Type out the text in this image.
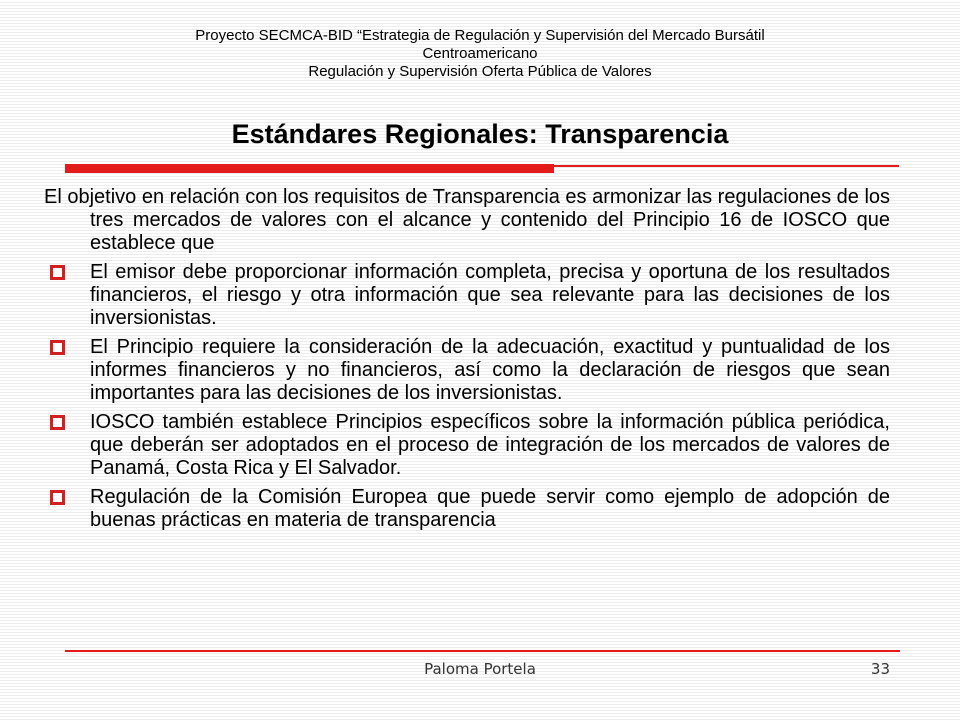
Proyecto SECMCA-BID “Estrategia de Regulación y Supervisión del Mercado Bursátil
Centroamericano
Regulación y Supervisión Oferta Pública de Valores
Estándares Regionales: Transparencia

El objetivo en relación con los requisitos de Transparencia es armonizar las regulaciones de los tres mercados de valores con el alcance y contenido del Principio 16 de IOSCO que establece que

El emisor debe proporcionar información completa, precisa y oportuna de los resultados financieros, el riesgo y otra información que sea relevante para las decisiones de los inversionistas.
El Principio requiere la consideración de la adecuación, exactitud y puntualidad de los informes financieros y no financieros, así como la declaración de riesgos que sean importantes para las decisiones de los inversionistas.
IOSCO también establece Principios específicos sobre la información pública periódica, que deberán ser adoptados en el proceso de integración de los mercados de valores de Panamá, Costa Rica y El Salvador.
Regulación de la Comisión Europea que puede servir como ejemplo de adopción de buenas prácticas en materia de transparencia
Paloma Portela	33
